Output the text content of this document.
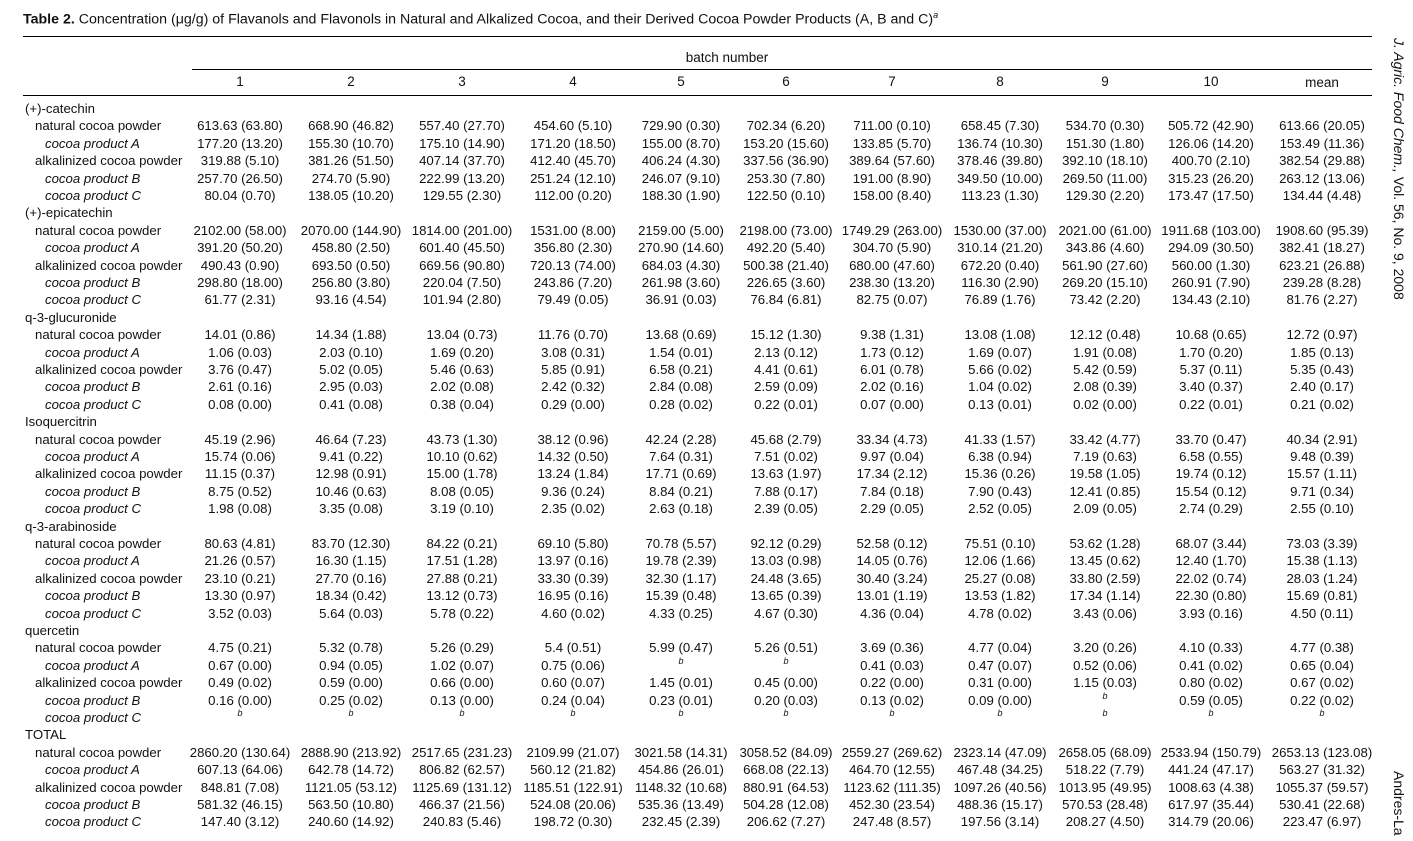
Table 2. Concentration (μg/g) of Flavanols and Flavonols in Natural and Alkalized Cocoa, and their Derived Cocoa Powder Products (A, B and C)$^a$
batch number
1	2	3	4	5	6	7	8	9	10	mean
(+)-catechin
natural cocoa powder	613.63 (63.80)	668.90 (46.82)	557.40 (27.70)	454.60 (5.10)	729.90 (0.30)	702.34 (6.20)	711.00 (0.10)	658.45 (7.30)	534.70 (0.30)	505.72 (42.90)	613.66 (20.05)
cocoa product A	177.20 (13.20)	155.30 (10.70)	175.10 (14.90)	171.20 (18.50)	155.00 (8.70)	153.20 (15.60)	133.85 (5.70)	136.74 (10.30)	151.30 (1.80)	126.06 (14.20)	153.49 (11.36)
alkalinized cocoa powder	319.88 (5.10)	381.26 (51.50)	407.14 (37.70)	412.40 (45.70)	406.24 (4.30)	337.56 (36.90)	389.64 (57.60)	378.46 (39.80)	392.10 (18.10)	400.70 (2.10)	382.54 (29.88)
cocoa product B	257.70 (26.50)	274.70 (5.90)	222.99 (13.20)	251.24 (12.10)	246.07 (9.10)	253.30 (7.80)	191.00 (8.90)	349.50 (10.00)	269.50 (11.00)	315.23 (26.20)	263.12 (13.06)
cocoa product C	80.04 (0.70)	138.05 (10.20)	129.55 (2.30)	112.00 (0.20)	188.30 (1.90)	122.50 (0.10)	158.00 (8.40)	113.23 (1.30)	129.30 (2.20)	173.47 (17.50)	134.44 (4.48)
(+)-epicatechin
natural cocoa powder	2102.00 (58.00)	2070.00 (144.90) 1814.00 (201.00)	1531.00 (8.00)	2159.00 (5.00)	2198.00 (73.00) 1749.29 (263.00) 1530.00 (37.00) 2021.00 (61.00) 1911.68 (103.00)	1908.60 (95.39)
cocoa product A	391.20 (50.20)	458.80 (2.50)	601.40 (45.50)	356.80 (2.30)	270.90 (14.60)	492.20 (5.40)	304.70 (5.90)	310.14 (21.20)	343.86 (4.60)	294.09 (30.50)	382.41 (18.27)
alkalinized cocoa powder	490.43 (0.90)	693.50 (0.50)	669.56 (90.80)	720.13 (74.00)	684.03 (4.30)	500.38 (21.40)	680.00 (47.60)	672.20 (0.40)	561.90 (27.60)	560.00 (1.30)	623.21 (26.88)
cocoa product B	298.80 (18.00)	256.80 (3.80)	220.04 (7.50)	243.86 (7.20)	261.98 (3.60)	226.65 (3.60)	238.30 (13.20)	116.30 (2.90)	269.20 (15.10)	260.91 (7.90)	239.28 (8.28)
cocoa product C	61.77 (2.31)	93.16 (4.54)	101.94 (2.80)	79.49 (0.05)	36.91 (0.03)	76.84 (6.81)	82.75 (0.07)	76.89 (1.76)	73.42 (2.20)	134.43 (2.10)	81.76 (2.27)
q-3-glucuronide
natural cocoa powder	14.01 (0.86)	14.34 (1.88)	13.04 (0.73)	11.76 (0.70)	13.68 (0.69)	15.12 (1.30)	9.38 (1.31)	13.08 (1.08)	12.12 (0.48)	10.68 (0.65)	12.72 (0.97)
cocoa product A	1.06 (0.03)	2.03 (0.10)	1.69 (0.20)	3.08 (0.31)	1.54 (0.01)	2.13 (0.12)	1.73 (0.12)	1.69 (0.07)	1.91 (0.08)	1.70 (0.20)	1.85 (0.13)
alkalinized cocoa powder	3.76 (0.47)	5.02 (0.05)	5.46 (0.63)	5.85 (0.91)	6.58 (0.21)	4.41 (0.61)	6.01 (0.78)	5.66 (0.02)	5.42 (0.59)	5.37 (0.11)	5.35 (0.43)
cocoa product B	2.61 (0.16)	2.95 (0.03)	2.02 (0.08)	2.42 (0.32)	2.84 (0.08)	2.59 (0.09)	2.02 (0.16)	1.04 (0.02)	2.08 (0.39)	3.40 (0.37)	2.40 (0.17)
cocoa product C	0.08 (0.00)	0.41 (0.08)	0.38 (0.04)	0.29 (0.00)	0.28 (0.02)	0.22 (0.01)	0.07 (0.00)	0.13 (0.01)	0.02 (0.00)	0.22 (0.01)	0.21 (0.02)
Isoquercitrin
natural cocoa powder	45.19 (2.96)	46.64 (7.23)	43.73 (1.30)	38.12 (0.96)	42.24 (2.28)	45.68 (2.79)	33.34 (4.73)	41.33 (1.57)	33.42 (4.77)	33.70 (0.47)	40.34 (2.91)
cocoa product A	15.74 (0.06)	9.41 (0.22)	10.10 (0.62)	14.32 (0.50)	7.64 (0.31)	7.51 (0.02)	9.97 (0.04)	6.38 (0.94)	7.19 (0.63)	6.58 (0.55)	9.48 (0.39)
alkalinized cocoa powder	11.15 (0.37)	12.98 (0.91)	15.00 (1.78)	13.24 (1.84)	17.71 (0.69)	13.63 (1.97)	17.34 (2.12)	15.36 (0.26)	19.58 (1.05)	19.74 (0.12)	15.57 (1.11)
cocoa product B	8.75 (0.52)	10.46 (0.63)	8.08 (0.05)	9.36 (0.24)	8.84 (0.21)	7.88 (0.17)	7.84 (0.18)	7.90 (0.43)	12.41 (0.85)	15.54 (0.12)	9.71 (0.34)
cocoa product C	1.98 (0.08)	3.35 (0.08)	3.19 (0.10)	2.35 (0.02)	2.63 (0.18)	2.39 (0.05)	2.29 (0.05)	2.52 (0.05)	2.09 (0.05)	2.74 (0.29)	2.55 (0.10)
q-3-arabinoside
natural cocoa powder	80.63 (4.81)	83.70 (12.30)	84.22 (0.21)	69.10 (5.80)	70.78 (5.57)	92.12 (0.29)	52.58 (0.12)	75.51 (0.10)	53.62 (1.28)	68.07 (3.44)	73.03 (3.39)
cocoa product A	21.26 (0.57)	16.30 (1.15)	17.51 (1.28)	13.97 (0.16)	19.78 (2.39)	13.03 (0.98)	14.05 (0.76)	12.06 (1.66)	13.45 (0.62)	12.40 (1.70)	15.38 (1.13)
alkalinized cocoa powder	23.10 (0.21)	27.70 (0.16)	27.88 (0.21)	33.30 (0.39)	32.30 (1.17)	24.48 (3.65)	30.40 (3.24)	25.27 (0.08)	33.80 (2.59)	22.02 (0.74)	28.03 (1.24)
cocoa product B	13.30 (0.97)	18.34 (0.42)	13.12 (0.73)	16.95 (0.16)	15.39 (0.48)	13.65 (0.39)	13.01 (1.19)	13.53 (1.82)	17.34 (1.14)	22.30 (0.80)	15.69 (0.81)
cocoa product C	3.52 (0.03)	5.64 (0.03)	5.78 (0.22)	4.60 (0.02)	4.33 (0.25)	4.67 (0.30)	4.36 (0.04)	4.78 (0.02)	3.43 (0.06)	3.93 (0.16)	4.50 (0.11)
quercetin
natural cocoa powder	4.75 (0.21)	5.32 (0.78)	5.26 (0.29)	5.4 (0.51)	5.99 (0.47)	5.26 (0.51)	3.69 (0.36)	4.77 (0.04)	3.20 (0.26)	4.10 (0.33)	4.77 (0.38)
cocoa product A	0.67 (0.00)	0.94 (0.05)	1.02 (0.07)	0.75 (0.06)	b	b	0.41 (0.03)	0.47 (0.07)	0.52 (0.06)	0.41 (0.02)	0.65 (0.04)
alkalinized cocoa powder	0.49 (0.02)	0.59 (0.00)	0.66 (0.00)	0.60 (0.07)	1.45 (0.01)	0.45 (0.00)	0.22 (0.00)	0.31 (0.00)	1.15 (0.03)	0.80 (0.02)	0.67 (0.02)
cocoa product B	0.16 (0.00)	0.25 (0.02)	0.13 (0.00)	0.24 (0.04)	0.23 (0.01)	0.20 (0.03)	0.13 (0.02)	0.09 (0.00)	b	0.59 (0.05)	0.22 (0.02)
cocoa product C	b	b	b	b	b	b	b	b	b	b	b
TOTAL
natural cocoa powder	2860.20 (130.64) 2888.90 (213.92) 2517.65 (231.23)	2109.99 (21.07)	3021.58 (14.31) 3058.52 (84.09) 2559.27 (269.62) 2323.14 (47.09) 2658.05 (68.09) 2533.94 (150.79) 2653.13 (123.08)
cocoa product A	607.13 (64.06)	642.78 (14.72)	806.82 (62.57)	560.12 (21.82)	454.86 (26.01)	668.08 (22.13)	464.70 (12.55)	467.48 (34.25)	518.22 (7.79)	441.24 (47.17)	563.27 (31.32)
alkalinized cocoa powder	848.81 (7.08)	1121.05 (53.12)	1125.69 (131.12) 1185.51 (122.91) 1148.32 (10.68)	880.91 (64.53)	1123.62 (111.35) 1097.26 (40.56) 1013.95 (49.95)	1008.63 (4.38)	1055.37 (59.57)
cocoa product B	581.32 (46.15)	563.50 (10.80)	466.37 (21.56)	524.08 (20.06)	535.36 (13.49)	504.28 (12.08)	452.30 (23.54)	488.36 (15.17)	570.53 (28.48)	617.97 (35.44)	530.41 (22.68)
cocoa product C	147.40 (3.12)	240.60 (14.92)	240.83 (5.46)	198.72 (0.30)	232.45 (2.39)	206.62 (7.27)	247.48 (8.57)	197.56 (3.14)	208.27 (4.50)	314.79 (20.06)	223.47 (6.97)
J. Agric. Food Chem., Vol. 56, No. 9, 2008
Andres-La
